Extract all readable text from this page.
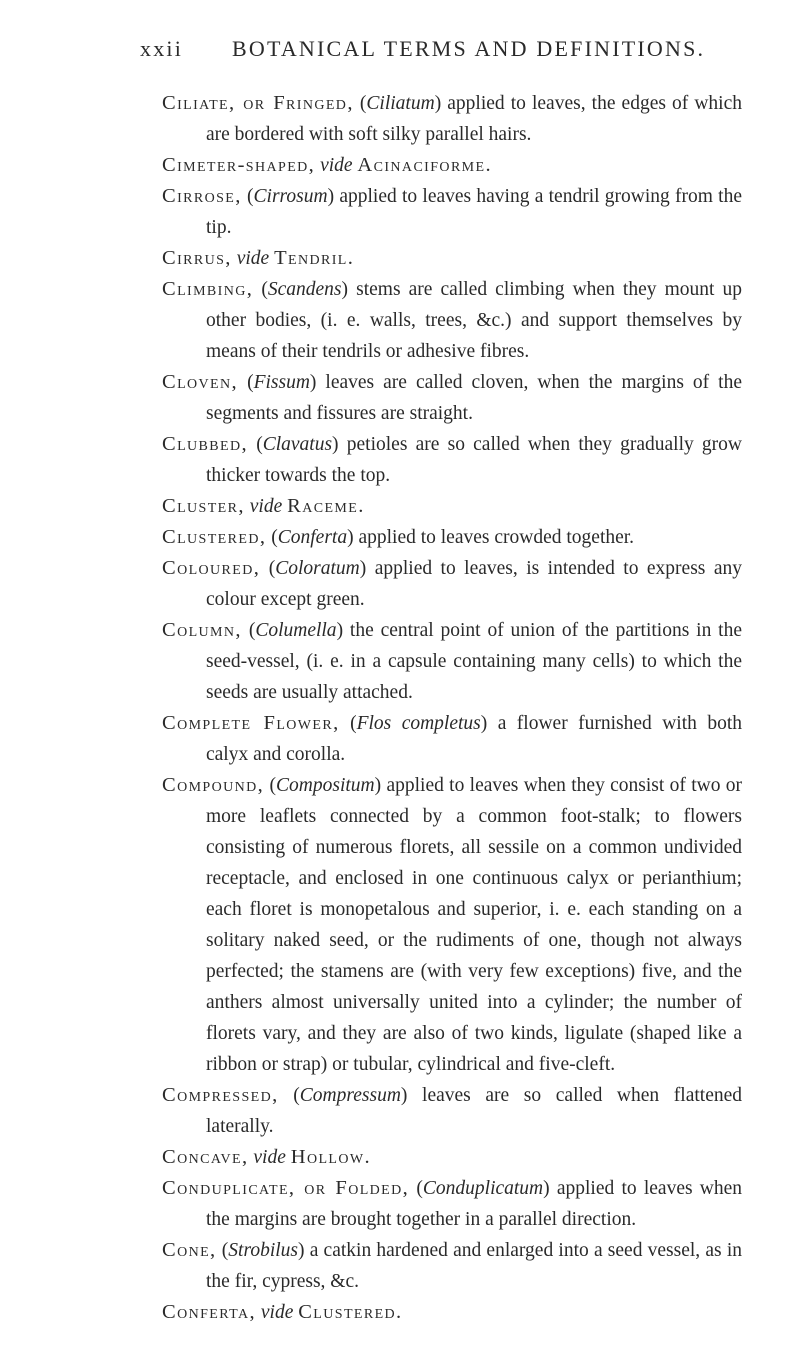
xxii BOTANICAL TERMS AND DEFINITIONS.

Ciliate, or Fringed, (Ciliatum) applied to leaves, the edges of which are bordered with soft silky parallel hairs.

Cimeter-shaped, vide Acinaciforme.

Cirrose, (Cirrosum) applied to leaves having a tendril growing from the tip.

Cirrus, vide Tendril.

Climbing, (Scandens) stems are called climbing when they mount up other bodies, (i. e. walls, trees, &c.) and support themselves by means of their tendrils or adhesive fibres.

Cloven, (Fissum) leaves are called cloven, when the margins of the segments and fissures are straight.

Clubbed, (Clavatus) petioles are so called when they gradually grow thicker towards the top.

Cluster, vide Raceme.

Clustered, (Conferta) applied to leaves crowded together.

Coloured, (Coloratum) applied to leaves, is intended to express any colour except green.

Column, (Columella) the central point of union of the partitions in the seed-vessel, (i. e. in a capsule containing many cells) to which the seeds are usually attached.

Complete Flower, (Flos completus) a flower furnished with both calyx and corolla.

Compound, (Compositum) applied to leaves when they consist of two or more leaflets connected by a common foot-stalk; to flowers consisting of numerous florets, all sessile on a common undivided receptacle, and enclosed in one continuous calyx or perianthium; each floret is monopetalous and superior, i. e. each standing on a solitary naked seed, or the rudiments of one, though not always perfected; the stamens are (with very few exceptions) five, and the anthers almost universally united into a cylinder; the number of florets vary, and they are also of two kinds, ligulate (shaped like a ribbon or strap) or tubular, cylindrical and five-cleft.

Compressed, (Compressum) leaves are so called when flattened laterally.

Concave, vide Hollow.

Conduplicate, or Folded, (Conduplicatum) applied to leaves when the margins are brought together in a parallel direction.

Cone, (Strobilus) a catkin hardened and enlarged into a seed vessel, as in the fir, cypress, &c.

Conferta, vide Clustered.
